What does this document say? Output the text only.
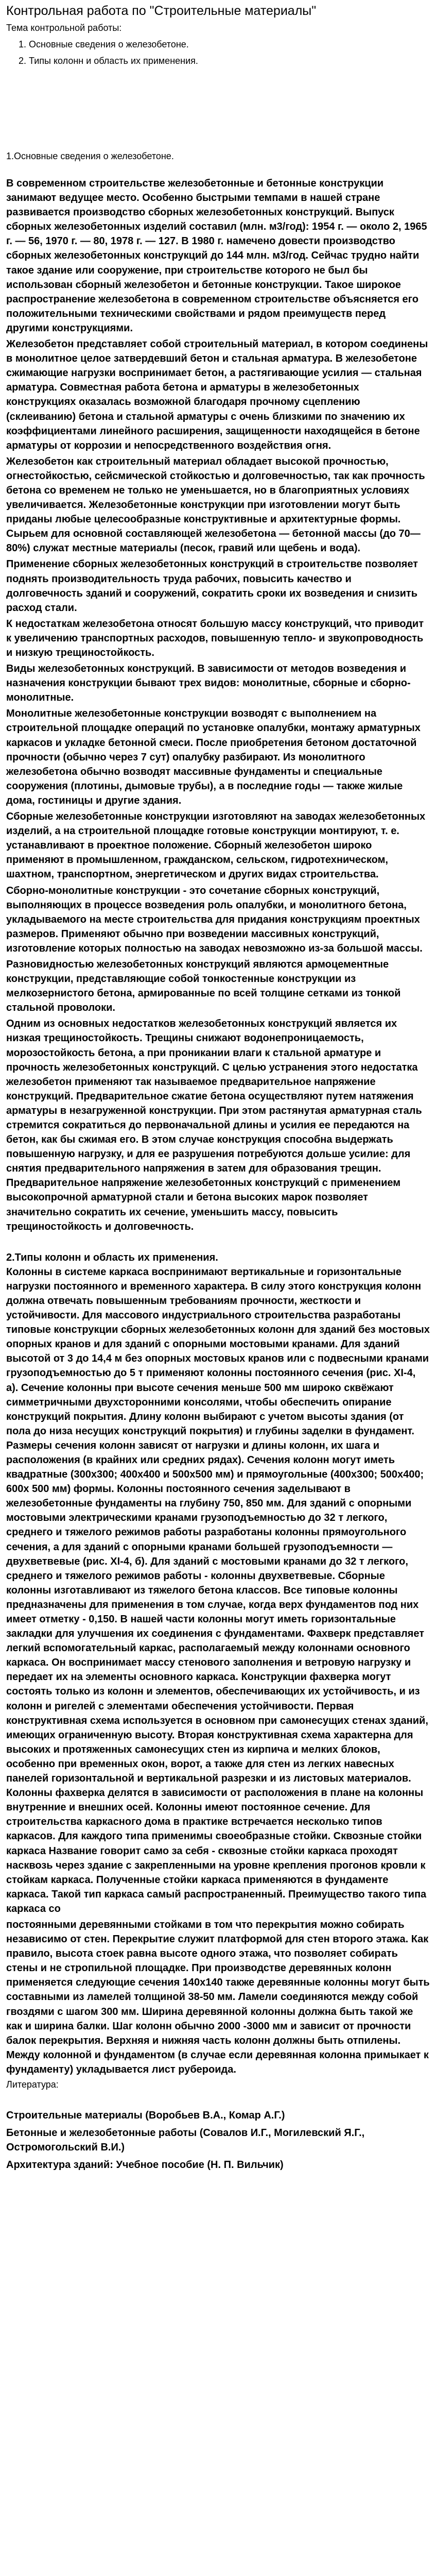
Контрольная работа по "Строительные материалы"
Тема контрольной работы:
1. Основные сведения о железобетоне.
2. Типы колонн и область их применения.
1.Основные сведения о железобетоне.

В современном строительстве железобетонные и бетонные конструкции занимают ведущее место. Особенно быстрыми темпами в нашей стране развивается производство сборных железобетонных конструкций. Выпуск сборных железобетонных изделий составил (млн. м3/год): 1954 г. — около 2, 1965 г. — 56, 1970 г. — 80, 1978 г. — 127. В 1980 г. намечено довести производство сборных железобетонных конструкций до 144 млн. м3/год. Сейчас трудно найти такое здание или сооружение, при строительстве которого не был бы использован сборный железобетон и бетонные конструкции. Такое широкое распространение железобетона в современном строительстве объясняется его положительными техническими свойствами и рядом преимуществ перед другими конструкциями.

Железобетон представляет собой строительный материал, в котором соединены в монолитное целое затвердевший бетон и стальная арматура. В железобетоне сжимающие нагрузки воспринимает бетон, а растягивающие усилия — стальная арматура. Совместная работа бетона и арматуры в железобетонных конструкциях оказалась возможной благодаря прочному сцеплению (склеиванию) бетона и стальной арматуры с очень близкими по значению их коэффициентами линейного расширения, защищенности находящейся в бетоне арматуры от коррозии и непосредственного воздействия огня.

Железобетон как строительный материал обладает высокой прочностью, огнестойкостью, сейсмической стойкостью и долговечностью, так как прочность бетона со временем не только не уменьшается, но в благоприятных условиях увеличивается. Железобетонные конструкции при изготовлении могут быть приданы любые целесообразные конструктивные и архитектурные формы. Сырьем для основной составляющей железобетона — бетонной массы (до 70—80%) служат местные материалы (песок, гравий или щебень и вода).

Применение сборных железобетонных конструкций в строительстве позволяет поднять производительность труда рабочих, повысить качество и долговечность зданий и сооружений, сократить сроки их возведения и снизить расход стали.

К недостаткам железобетона относят большую массу конструкций, что приводит к увеличению транспортных расходов, повышенную тепло- и звукопроводность и низкую трещиностойкость.

Виды железобетонных конструкций. В зависимости от методов возведения и назначения конструкции бывают трех видов: монолитные, сборные и сборно-монолитные.

Монолитные железобетонные конструкции возводят с выполнением на строительной площадке операций по установке опалубки, монтажу арматурных каркасов и укладке бетонной смеси. После приобретения бетоном достаточной прочности (обычно через 7 сут) опалубку разбирают. Из монолитного железобетона обычно возводят массивные фундаменты и специальные сооружения (плотины, дымовые трубы), а в последние годы — также жилые дома, гостиницы и другие здания.

Сборные железобетонные конструкции изготовляют на заводах железобетонных изделий, а на строительной площадке готовые конструкции монтируют, т. е. устанавливают в проектное положение. Сборный железобетон широко применяют в промышленном, гражданском, сельском, гидротехническом, шахтном, транспортном, энергетическом и других видах строительства.

Сборно-монолитные конструкции - это сочетание сборных конструкций, выполняющих в процессе возведения роль опалубки, и монолитного бетона, укладываемого на месте строительства для придания конструкциям проектных размеров. Применяют обычно при возведении массивных конструкций, изготовление которых полностью на заводах невозможно из-за большой массы.

Разновидностью железобетонных конструкций являются армоцементные конструкции, представляющие собой тонкостенные конструкции из мелкозернистого бетона, армированные по всей толщине сетками из тонкой стальной проволоки.

Одним из основных недостатков железобетонных конструкций является их низкая трещиностойкость. Трещины снижают водонепроницаемость, морозостойкость бетона, а при проникании влаги к стальной арматуре и прочность железобетонных конструкций. С целью устранения этого недостатка железобетон применяют так называемое предварительное напряжение конструкций. Предварительное сжатие бетона осуществляют путем натяжения арматуры в незагруженной конструкции. При этом растянутая арматурная сталь стремится сократиться до первоначальной длины и усилия ее передаются на бетон, как бы сжимая его. В этом случае конструкция способна выдержать повышенную нагрузку, и для ее разрушения потребуются дольше усилие: для снятия предварительного напряжения в затем для образования трещин. Предварительное напряжение железобетонных конструкций с применением высокопрочной арматурной стали и бетона высоких марок позволяет значительно сократить их сечение, уменьшить массу, повысить трещиностойкость и долговечность.

2.Типы колонн и область их применения.

Колонны в системе каркаса воспринимают вертикальные и горизонтальные нагрузки постоянного и временного характера. В силу этого конструкция колонн должна отвечать повышенным требованиям прочности, жесткости и устойчивости. Для массового индустриального строительства разработаны типовые конструкции сборных железобетонных колонн для зданий без мостовых опорных кранов и для зданий с опорными мостовыми кранами. Для зданий высотой от 3 до 14,4 м без опорных мостовых кранов или с подвесными кранами грузоподъемностью до 5 т применяют колонны постоянного сечения (рис. XI-4, а). Сечение колонны при высоте сечения меньше 500 мм широко сквёжают симметричными двухсторонними консолями, чтобы обеспечить опирание конструкций покрытия. Длину колонн выбирают с учетом высоты здания (от пола до низа несущих конструкций покрытия) и глубины заделки в фундамент. Размеры сечения колонн зависят от нагрузки и длины колонн, их шага и расположения (в крайних или средних рядах). Сечения колонн могут иметь квадратные (300х300; 400х400 и 500х500 мм) и прямоугольные (400х300; 500х400; 600х 500 мм) формы. Колонны постоянного сечения заделывают в железобетонные фундаменты на глубину 750, 850 мм. Для зданий с опорными мостовыми электрическими кранами грузоподъемностью до 32 т легкого, среднего и тяжелого режимов работы разработаны колонны прямоугольного сечения, а для зданий с опорными кранами большей грузоподъемности — двухветвевые (рис. XI-4, б). Для зданий с мостовыми кранами до 32 т легкого, среднего и тяжелого режимов работы - колонны двухветвевые. Сборные колонны изготавливают из тяжелого бетона классов. Все типовые колонны предназначены для применения в том случае, когда верх фундаментов под них имеет отметку - 0,150. В нашей части колонны могут иметь горизонтальные закладки для улучшения их соединения с фундаментами. Фахверк представляет легкий вспомогательный каркас, располагаемый между колоннами основного каркаса. Он воспринимает массу стенового заполнения и ветровую нагрузку и передает их на элементы основного каркаса. Конструкции фахверка могут состоять только из колонн и элементов, обеспечивающих их устойчивость, и из колонн и ригелей с элементами обеспечения устойчивости. Первая конструктивная схема используется в основном при самонесущих стенах зданий, имеющих ограниченную высоту. Вторая конструктивная схема характерна для высоких и протяженных самонесущих стен из кирпича и мелких блоков, особенно при временных окон, ворот, а также для стен из легких навесных панелей горизонтальной и вертикальной разрезки и из листовых материалов. Колонны фахверка делятся в зависимости от расположения в плане на колонны внутренние и внешних осей. Колонны имеют постоянное сечение. Для строительства каркасного дома в практике встречается несколько типов каркасов. Для каждого типа применимы своеобразные стойки. Сквозные стойки каркаса Название говорит само за себя - сквозные стойки каркаса проходят насквозь через здание с закрепленными на уровне крепления прогонов кровли к стойкам каркаса. Полученные стойки каркаса применяются в фундаменте каркаса. Такой тип каркаса самый распространенный. Преимущество такого типа каркаса со

постоянными деревянными стойками в том что перекрытия можно собирать независимо от стен. Перекрытие служит платформой для стен второго этажа. Как правило, высота стоек равна высоте одного этажа, что позволяет собирать стены и не стропильной площадке. При производстве деревянных колонн применяется следующие сечения 140х140 также деревянные колонны могут быть составными из ламелей толщиной 38-50 мм. Ламели соединяются между собой гвоздями с шагом 300 мм. Ширина деревянной колонны должна быть такой же как и ширина балки. Шаг колонн обычно 2000 -3000 мм и зависит от прочности балок перекрытия. Верхняя и нижняя часть колонн должны быть отпилены. Между колонной и фундаментом (в случае если деревянная колонна примыкает к фундаменту) укладывается лист рубероида.

Литература:

Строительные материалы (Воробьев В.А., Комар А.Г.)

Бетонные и железобетонные работы (Совалов И.Г., Могилевский Я.Г., Остромогольский В.И.)

Архитектура зданий: Учебное пособие (Н. П. Вильчик)
